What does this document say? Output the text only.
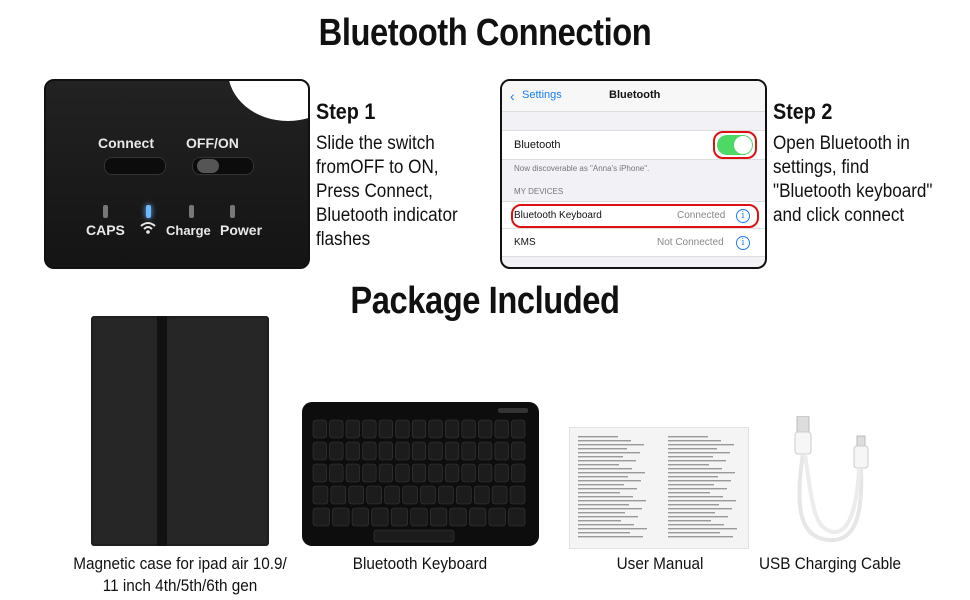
Bluetooth Connection
Package Included
Connect OFF/ON
CAPS	Charge Power
Step 1
Slide the switch
fromOFF to ON,
Press Connect,
Bluetooth indicator
flashes
‹ Settings	Bluetooth
Bluetooth
Now discoverable as "Anna's iPhone".
MY DEVICES
Bluetooth Keyboard	Connected	i
KMS	Not Connected	i
Step 2
Open Bluetooth in
settings, find
"Bluetooth keyboard"
and click connect
Magnetic case for ipad air 10.9/
11 inch 4th/5th/6th gen
Bluetooth Keyboard	User Manual	USB Charging Cable
